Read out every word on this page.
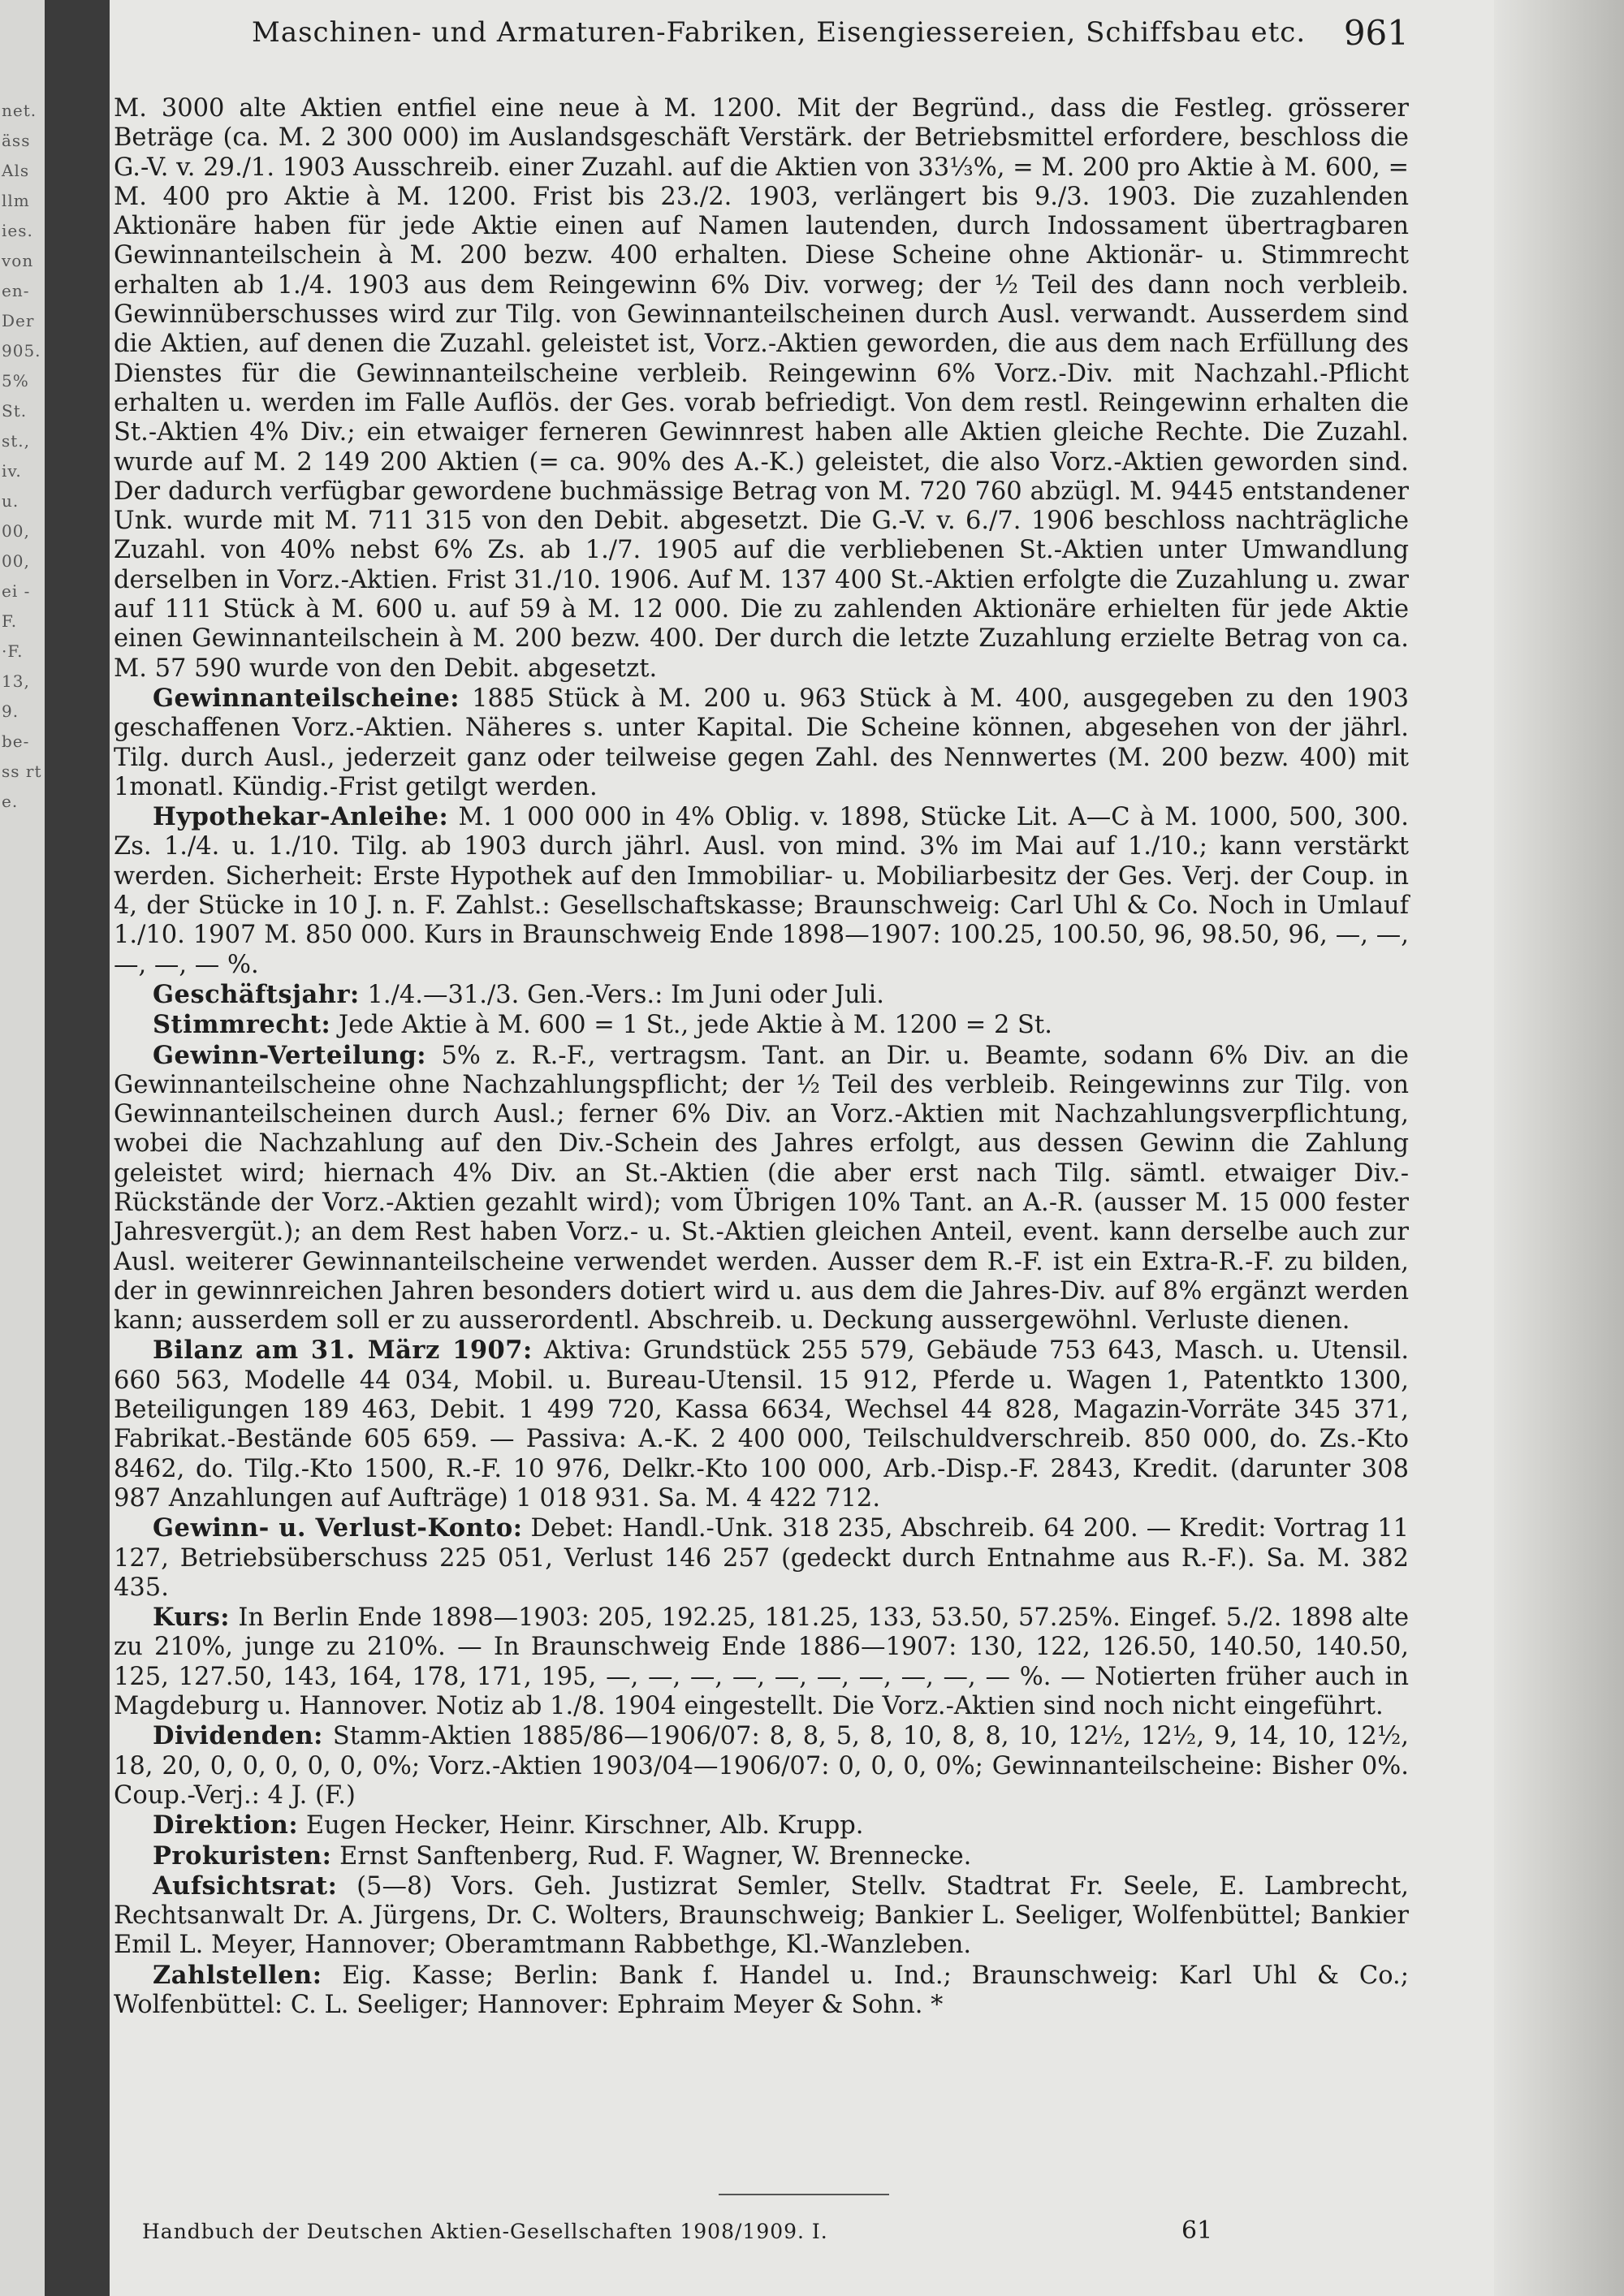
net. äss Als llm ies. von en- Der 905. 5% St. st., iv. u. 00, 00, ei -F. ·F. 13, 9. be- ss rt e.
Maschinen- und Armaturen-Fabriken, Eisengiessereien, Schiffsbau etc. 961

M. 3000 alte Aktien entfiel eine neue à M. 1200. Mit der Begründ., dass die Festleg. grösserer Beträge (ca. M. 2 300 000) im Auslandsgeschäft Verstärk. der Betriebsmittel erfordere, beschloss die G.-V. v. 29./1. 1903 Ausschreib. einer Zuzahl. auf die Aktien von 33⅓%, = M. 200 pro Aktie à M. 600, = M. 400 pro Aktie à M. 1200. Frist bis 23./2. 1903, verlängert bis 9./3. 1903. Die zuzahlenden Aktionäre haben für jede Aktie einen auf Namen lautenden, durch Indossament übertragbaren Gewinnanteilschein à M. 200 bezw. 400 erhalten. Diese Scheine ohne Aktionär- u. Stimmrecht erhalten ab 1./4. 1903 aus dem Reingewinn 6% Div. vorweg; der ½ Teil des dann noch verbleib. Gewinnüberschusses wird zur Tilg. von Gewinnanteilscheinen durch Ausl. verwandt. Ausserdem sind die Aktien, auf denen die Zuzahl. geleistet ist, Vorz.-Aktien geworden, die aus dem nach Erfüllung des Dienstes für die Gewinnanteilscheine verbleib. Reingewinn 6% Vorz.-Div. mit Nachzahl.-Pflicht erhalten u. werden im Falle Auflös. der Ges. vorab befriedigt. Von dem restl. Reingewinn erhalten die St.-Aktien 4% Div.; ein etwaiger ferneren Gewinnrest haben alle Aktien gleiche Rechte. Die Zuzahl. wurde auf M. 2 149 200 Aktien (= ca. 90% des A.-K.) geleistet, die also Vorz.-Aktien geworden sind. Der dadurch verfügbar gewordene buchmässige Betrag von M. 720 760 abzügl. M. 9445 entstandener Unk. wurde mit M. 711 315 von den Debit. abgesetzt. Die G.-V. v. 6./7. 1906 beschloss nachträgliche Zuzahl. von 40% nebst 6% Zs. ab 1./7. 1905 auf die verbliebenen St.-Aktien unter Umwandlung derselben in Vorz.-Aktien. Frist 31./10. 1906. Auf M. 137 400 St.-Aktien erfolgte die Zuzahlung u. zwar auf 111 Stück à M. 600 u. auf 59 à M. 12 000. Die zu zahlenden Aktionäre erhielten für jede Aktie einen Gewinnanteilschein à M. 200 bezw. 400. Der durch die letzte Zuzahlung erzielte Betrag von ca. M. 57 590 wurde von den Debit. abgesetzt.

Gewinnanteilscheine: 1885 Stück à M. 200 u. 963 Stück à M. 400, ausgegeben zu den 1903 geschaffenen Vorz.-Aktien. Näheres s. unter Kapital. Die Scheine können, abgesehen von der jährl. Tilg. durch Ausl., jederzeit ganz oder teilweise gegen Zahl. des Nennwertes (M. 200 bezw. 400) mit 1monatl. Kündig.-Frist getilgt werden.

Hypothekar-Anleihe: M. 1 000 000 in 4% Oblig. v. 1898, Stücke Lit. A—C à M. 1000, 500, 300. Zs. 1./4. u. 1./10. Tilg. ab 1903 durch jährl. Ausl. von mind. 3% im Mai auf 1./10.; kann verstärkt werden. Sicherheit: Erste Hypothek auf den Immobiliar- u. Mobiliarbesitz der Ges. Verj. der Coup. in 4, der Stücke in 10 J. n. F. Zahlst.: Gesellschaftskasse; Braunschweig: Carl Uhl & Co. Noch in Umlauf 1./10. 1907 M. 850 000. Kurs in Braunschweig Ende 1898—1907: 100.25, 100.50, 96, 98.50, 96, —, —, —, —, — %.

Geschäftsjahr: 1./4.—31./3. Gen.-Vers.: Im Juni oder Juli.

Stimmrecht: Jede Aktie à M. 600 = 1 St., jede Aktie à M. 1200 = 2 St.

Gewinn-Verteilung: 5% z. R.-F., vertragsm. Tant. an Dir. u. Beamte, sodann 6% Div. an die Gewinnanteilscheine ohne Nachzahlungspflicht; der ½ Teil des verbleib. Reingewinns zur Tilg. von Gewinnanteilscheinen durch Ausl.; ferner 6% Div. an Vorz.-Aktien mit Nachzahlungsverpflichtung, wobei die Nachzahlung auf den Div.-Schein des Jahres erfolgt, aus dessen Gewinn die Zahlung geleistet wird; hiernach 4% Div. an St.-Aktien (die aber erst nach Tilg. sämtl. etwaiger Div.-Rückstände der Vorz.-Aktien gezahlt wird); vom Übrigen 10% Tant. an A.-R. (ausser M. 15 000 fester Jahresvergüt.); an dem Rest haben Vorz.- u. St.-Aktien gleichen Anteil, event. kann derselbe auch zur Ausl. weiterer Gewinnanteilscheine verwendet werden. Ausser dem R.-F. ist ein Extra-R.-F. zu bilden, der in gewinnreichen Jahren besonders dotiert wird u. aus dem die Jahres-Div. auf 8% ergänzt werden kann; ausserdem soll er zu ausserordentl. Abschreib. u. Deckung aussergewöhnl. Verluste dienen.

Bilanz am 31. März 1907: Aktiva: Grundstück 255 579, Gebäude 753 643, Masch. u. Utensil. 660 563, Modelle 44 034, Mobil. u. Bureau-Utensil. 15 912, Pferde u. Wagen 1, Patentkto 1300, Beteiligungen 189 463, Debit. 1 499 720, Kassa 6634, Wechsel 44 828, Magazin-Vorräte 345 371, Fabrikat.-Bestände 605 659. — Passiva: A.-K. 2 400 000, Teilschuldverschreib. 850 000, do. Zs.-Kto 8462, do. Tilg.-Kto 1500, R.-F. 10 976, Delkr.-Kto 100 000, Arb.-Disp.-F. 2843, Kredit. (darunter 308 987 Anzahlungen auf Aufträge) 1 018 931. Sa. M. 4 422 712.

Gewinn- u. Verlust-Konto: Debet: Handl.-Unk. 318 235, Abschreib. 64 200. — Kredit: Vortrag 11 127, Betriebsüberschuss 225 051, Verlust 146 257 (gedeckt durch Entnahme aus R.-F.). Sa. M. 382 435.

Kurs: In Berlin Ende 1898—1903: 205, 192.25, 181.25, 133, 53.50, 57.25%. Eingef. 5./2. 1898 alte zu 210%, junge zu 210%. — In Braunschweig Ende 1886—1907: 130, 122, 126.50, 140.50, 140.50, 125, 127.50, 143, 164, 178, 171, 195, —, —, —, —, —, —, —, —, —, — %. — Notierten früher auch in Magdeburg u. Hannover. Notiz ab 1./8. 1904 eingestellt. Die Vorz.-Aktien sind noch nicht eingeführt.

Dividenden: Stamm-Aktien 1885/86—1906/07: 8, 8, 5, 8, 10, 8, 8, 10, 12½, 12½, 9, 14, 10, 12½, 18, 20, 0, 0, 0, 0, 0, 0%; Vorz.-Aktien 1903/04—1906/07: 0, 0, 0, 0%; Gewinnanteilscheine: Bisher 0%. Coup.-Verj.: 4 J. (F.)

Direktion: Eugen Hecker, Heinr. Kirschner, Alb. Krupp.

Prokuristen: Ernst Sanftenberg, Rud. F. Wagner, W. Brennecke.

Aufsichtsrat: (5—8) Vors. Geh. Justizrat Semler, Stellv. Stadtrat Fr. Seele, E. Lambrecht, Rechtsanwalt Dr. A. Jürgens, Dr. C. Wolters, Braunschweig; Bankier L. Seeliger, Wolfenbüttel; Bankier Emil L. Meyer, Hannover; Oberamtmann Rabbethge, Kl.-Wanzleben.

Zahlstellen: Eig. Kasse; Berlin: Bank f. Handel u. Ind.; Braunschweig: Karl Uhl & Co.; Wolfenbüttel: C. L. Seeliger; Hannover: Ephraim Meyer & Sohn. *

Handbuch der Deutschen Aktien-Gesellschaften 1908/1909. I.	61
